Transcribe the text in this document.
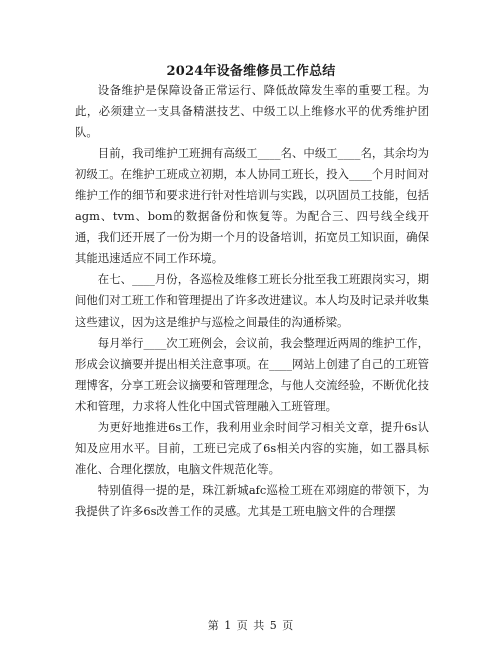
2024年设备维修员工作总结

设备维护是保障设备正常运行、降低故障发生率的重要工程。为此，必须建立一支具备精湛技艺、中级工以上维修水平的优秀维护团队。

目前，我司维护工班拥有高级工____名、中级工____名，其余均为初级工。在维护工班成立初期，本人协同工班长，投入____个月时间对维护工作的细节和要求进行针对性培训与实践，以巩固员工技能，包括agm、tvm、bom的数据备份和恢复等。为配合三、四号线全线开通，我们还开展了一份为期一个月的设备培训，拓宽员工知识面，确保其能迅速适应不同工作环境。

在七、____月份，各巡检及维修工班长分批至我工班跟岗实习，期间他们对工班工作和管理提出了许多改进建议。本人均及时记录并收集这些建议，因为这是维护与巡检之间最佳的沟通桥梁。

每月举行____次工班例会，会议前，我会整理近两周的维护工作，形成会议摘要并提出相关注意事项。在____网站上创建了自己的工班管理博客，分享工班会议摘要和管理理念，与他人交流经验，不断优化技术和管理，力求将人性化中国式管理融入工班管理。

为更好地推进6s工作，我利用业余时间学习相关文章，提升6s认知及应用水平。目前，工班已完成了6s相关内容的实施，如工器具标准化、合理化摆放，电脑文件规范化等。

特别值得一提的是，珠江新城afc巡检工班在邓翊庭的带领下，为我提供了许多6s改善工作的灵感。尤其是工班电脑文件的合理摆

第 1 页 共 5 页
